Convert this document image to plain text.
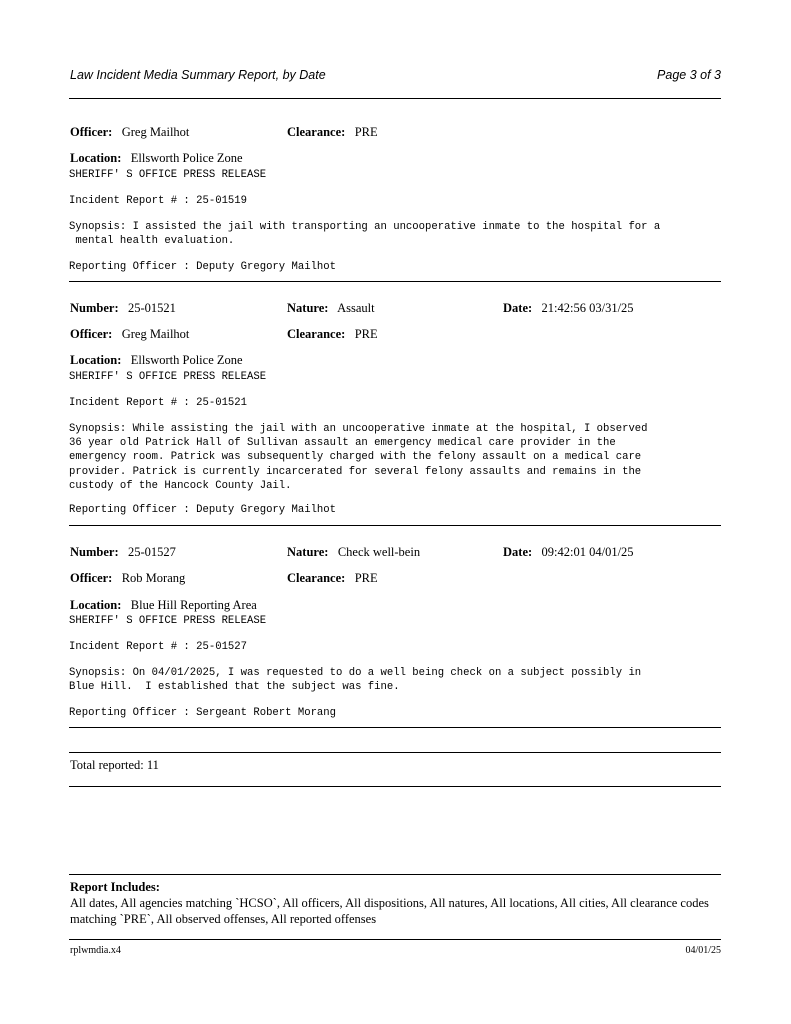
Law Incident Media Summary Report, by Date	Page 3 of 3
Officer: Greg Mailhot	Clearance: PRE
Location: Ellsworth Police Zone
SHERIFF' S OFFICE PRESS RELEASE
Incident Report # : 25-01519
Synopsis: I assisted the jail with transporting an uncooperative inmate to the hospital for a
mental health evaluation.
Reporting Officer : Deputy Gregory Mailhot
Number: 25-01521	Nature: Assault	Date: 21:42:56 03/31/25
Officer: Greg Mailhot	Clearance: PRE
Location: Ellsworth Police Zone
SHERIFF' S OFFICE PRESS RELEASE
Incident Report # : 25-01521
Synopsis: While assisting the jail with an uncooperative inmate at the hospital, I observed
36 year old Patrick Hall of Sullivan assault an emergency medical care provider in the
emergency room. Patrick was subsequently charged with the felony assault on a medical care
provider. Patrick is currently incarcerated for several felony assaults and remains in the
custody of the Hancock County Jail.
Reporting Officer : Deputy Gregory Mailhot
Number: 25-01527	Nature: Check well-bein	Date: 09:42:01 04/01/25
Officer: Rob Morang	Clearance: PRE
Location: Blue Hill Reporting Area
SHERIFF' S OFFICE PRESS RELEASE
Incident Report # : 25-01527
Synopsis: On 04/01/2025, I was requested to do a well being check on a subject possibly in
Blue Hill.  I established that the subject was fine.
Reporting Officer : Sergeant Robert Morang
Total reported: 11
Report Includes:
All dates, All agencies matching `HCSO`, All officers, All dispositions, All natures, All locations, All cities, All clearance codes matching `PRE`, All observed offenses, All reported offenses
rplwmdia.x4	04/01/25
